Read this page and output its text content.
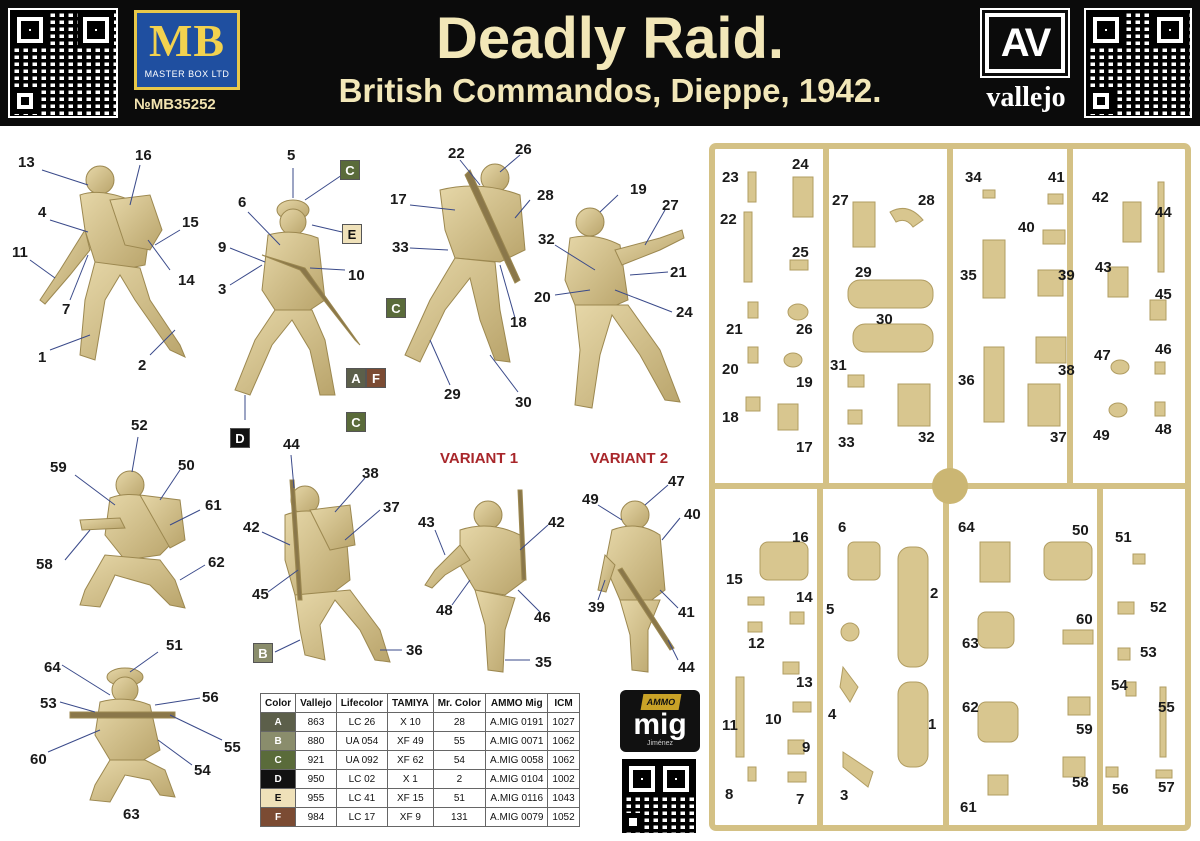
MB
MASTER BOX LTD
№MB35252
Deadly Raid.
British Commandos, Dieppe, 1942.
AV
vallejo
13	16
4
15
11
14
7
1	2
5
6
9
3
10
C
E
A F
C
D
22	26
17	28
33
18
29	30
C
19
27
32
21
20
24
52
59	50
61
58	62
44
38
42
37
45
36
B
VARIANT 1	VARIANT 2
43	42
48	46
35
49
47
40
39	41
44
51
64
56
53
55
60
54
63
Color	Vallejo	Lifecolor	TAMIYA	Mr. Color	AMMO Mig	ICM
A	863	LC 26	X 10	28	A.MIG 0191	1027
B	880	UA 054	XF 49	55	A.MIG 0071	1062
C	921	UA 092	XF 62	54	A.MIG 0058	1062
D	950	LC 02	X 1	2	A.MIG 0104	1002
E	955	LC 41	XF 15	51	A.MIG 0116	1043
F	984	LC 17	XF 9	131	A.MIG 0079	1052
AMMO
mig
Jiménez
23
24
22
27	28
34	41
42
44
40
25
29	35	39 43
21	26
45
30
20	31
19	36
38
47	46
18
33	32
17
37 49	48
16
6	64	50 51
15
14
5
2
52
12	63
60
53
13	54
11 10	4	62
1	59
55
9
8	7 3
61
58 56 57
